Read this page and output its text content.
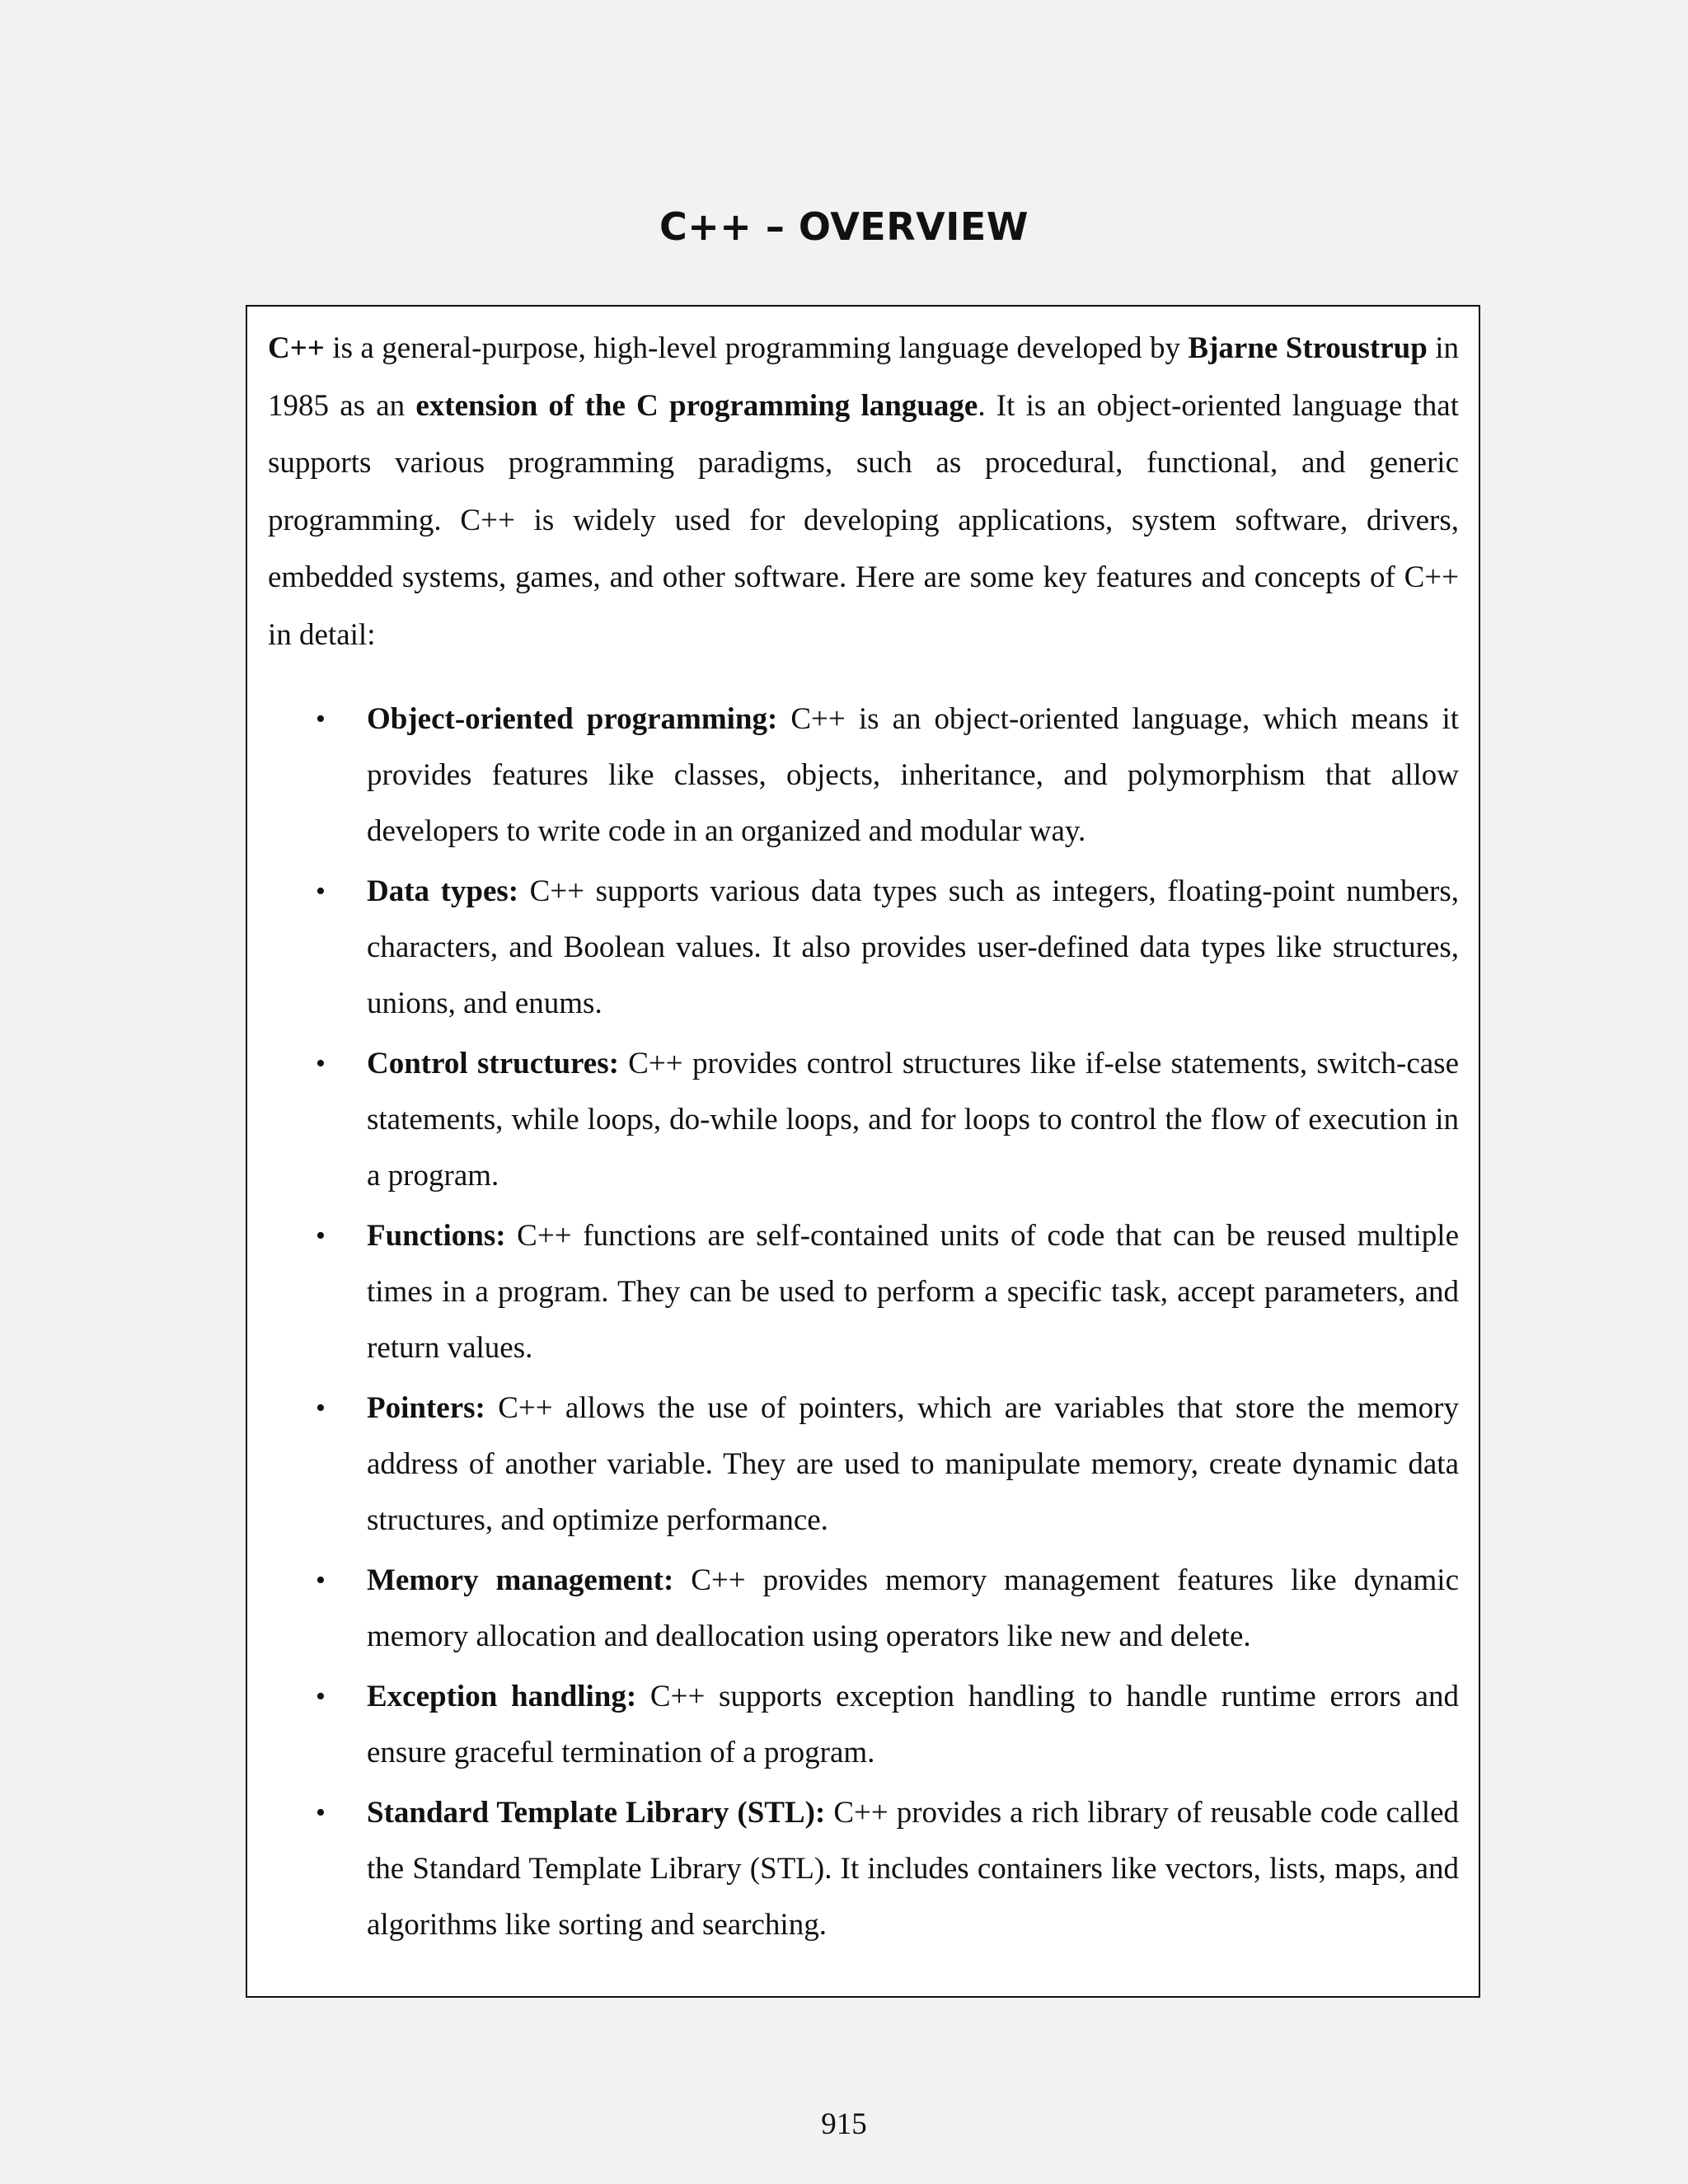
C++ – OVERVIEW

C++ is a general-purpose, high-level programming language developed by Bjarne Stroustrup in 1985 as an extension of the C programming language. It is an object-oriented language that supports various programming paradigms, such as procedural, functional, and generic programming. C++ is widely used for developing applications, system software, drivers, embedded systems, games, and other software. Here are some key features and concepts of C++ in detail:

• Object-oriented programming: C++ is an object-oriented language, which means it provides features like classes, objects, inheritance, and polymorphism that allow developers to write code in an organized and modular way.
• Data types: C++ supports various data types such as integers, floating-point numbers, characters, and Boolean values. It also provides user-defined data types like structures, unions, and enums.
• Control structures: C++ provides control structures like if-else statements, switch-case statements, while loops, do-while loops, and for loops to control the flow of execution in a program.
• Functions: C++ functions are self-contained units of code that can be reused multiple times in a program. They can be used to perform a specific task, accept parameters, and return values.
• Pointers: C++ allows the use of pointers, which are variables that store the memory address of another variable. They are used to manipulate memory, create dynamic data structures, and optimize performance.
• Memory management: C++ provides memory management features like dynamic memory allocation and deallocation using operators like new and delete.
• Exception handling: C++ supports exception handling to handle runtime errors and ensure graceful termination of a program.
• Standard Template Library (STL): C++ provides a rich library of reusable code called the Standard Template Library (STL). It includes containers like vectors, lists, maps, and algorithms like sorting and searching.
915
